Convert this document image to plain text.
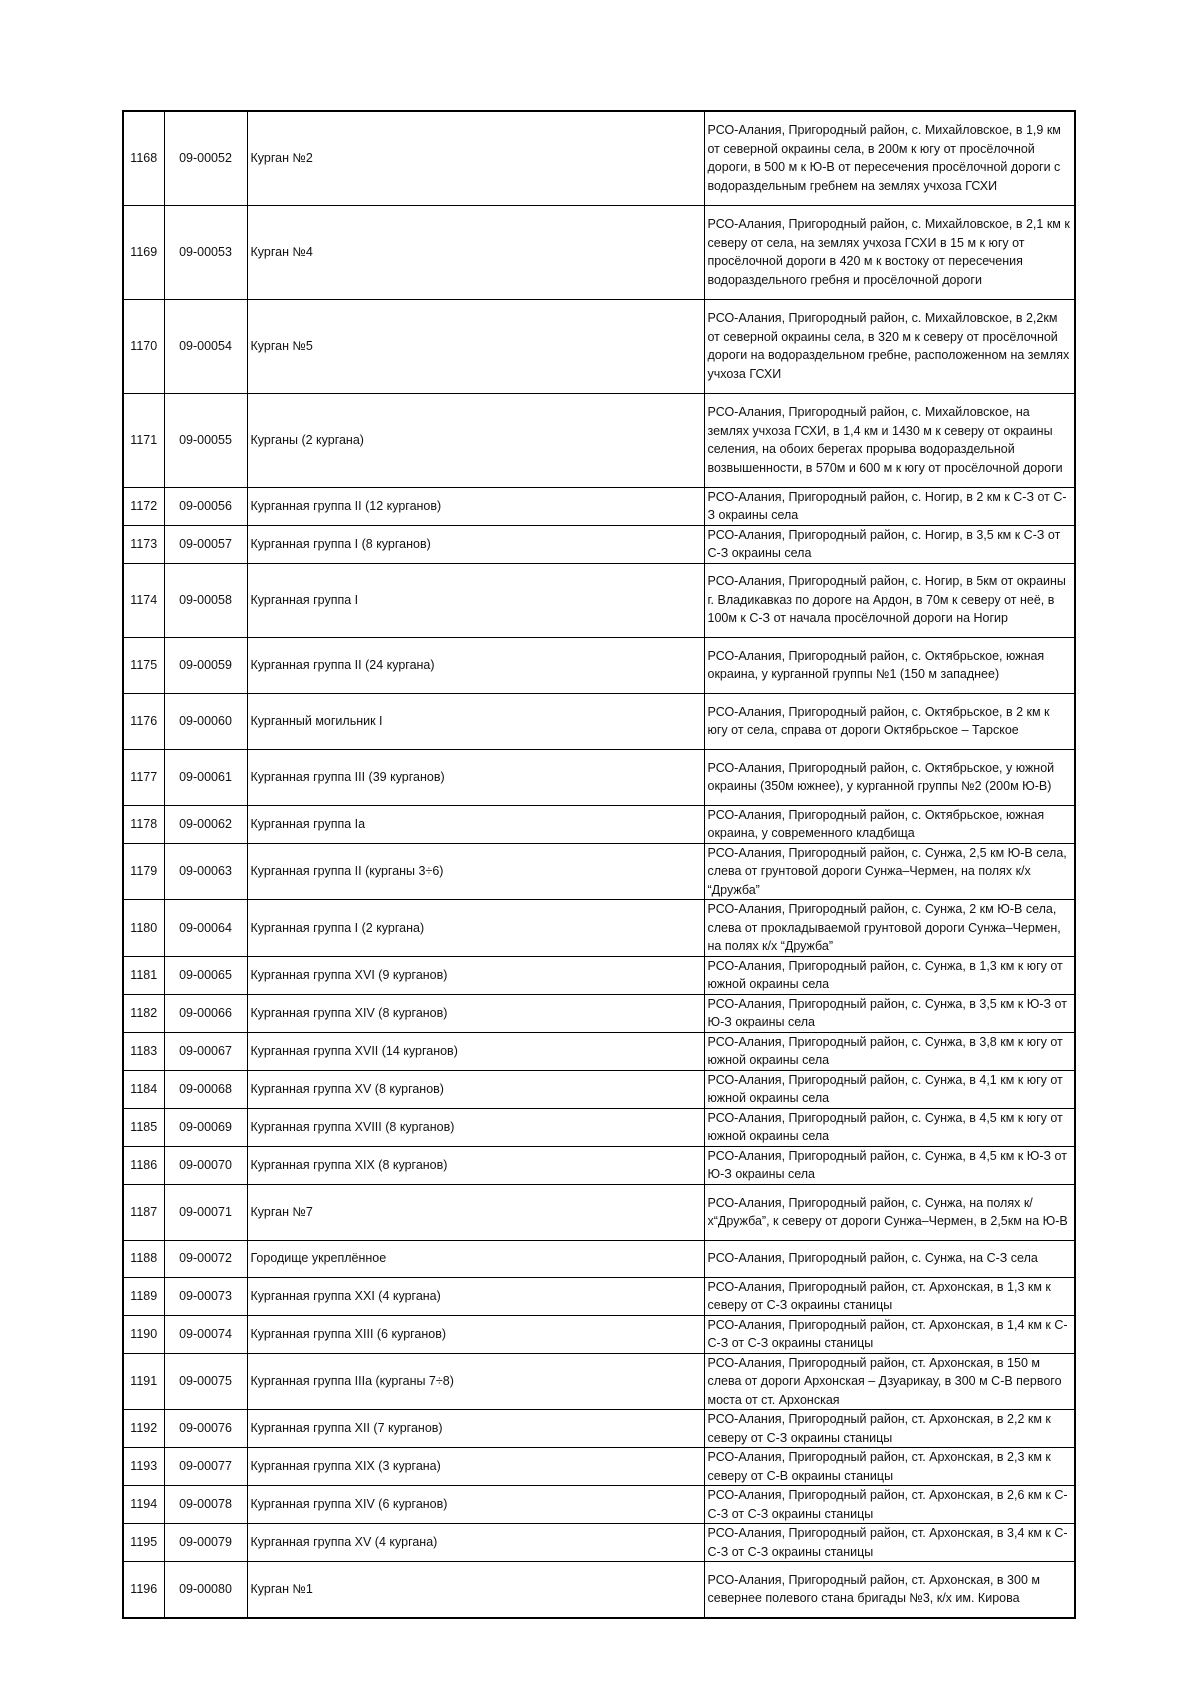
1168	09-00052	Курган №2	РСО-Алания, Пригородный район, с. Михайловское, в 1,9 км от северной окраины села, в 200м к югу от просёлочной дороги, в 500 м к Ю-В от пересечения просёлочной дороги с водораздельным гребнем на землях учхоза ГСХИ
1169	09-00053	Курган №4	РСО-Алания, Пригородный район, с. Михайловское, в 2,1 км к северу от села, на землях учхоза ГСХИ в 15 м к югу от просёлочной дороги в 420 м к востоку от пересечения водораздельного гребня и просёлочной дороги
1170	09-00054	Курган №5	РСО-Алания, Пригородный район, с. Михайловское, в 2,2км от северной окраины села, в 320 м к северу от просёлочной дороги на водораздельном гребне, расположенном на землях учхоза ГСХИ
1171	09-00055	Курганы (2 кургана)	РСО-Алания, Пригородный район, с. Михайловское, на землях учхоза ГСХИ, в 1,4 км и 1430 м к северу от окраины селения, на обоих берегах прорыва водораздельной возвышенности, в 570м и 600 м к югу от просёлочной дороги
1172	09-00056	Курганная группа II (12 курганов)	РСО-Алания, Пригородный район, с. Ногир, в 2 км к С-З от С-З окраины села
1173	09-00057	Курганная группа I (8 курганов)	РСО-Алания, Пригородный район, с. Ногир, в 3,5 км к С-З от С-З окраины села
1174	09-00058	Курганная группа I	РСО-Алания, Пригородный район, с. Ногир, в 5км от окраины г. Владикавказ по дороге на Ардон, в 70м к северу от неё, в 100м к С-З от начала просёлочной дороги на Ногир
1175	09-00059	Курганная группа II (24 кургана)	РСО-Алания, Пригородный район, с. Октябрьское, южная окраина, у курганной группы №1 (150 м западнее)
1176	09-00060	Курганный могильник I	РСО-Алания, Пригородный район, с. Октябрьское, в 2 км к югу от села, справа от дороги Октябрьское – Тарское
1177	09-00061	Курганная группа III (39 курганов)	РСО-Алания, Пригородный район, с. Октябрьское, у южной окраины (350м южнее), у курганной группы №2 (200м Ю-В)
1178	09-00062	Курганная группа Iа	РСО-Алания, Пригородный район, с. Октябрьское, южная окраина, у современного кладбища
1179	09-00063	Курганная группа II (курганы 3÷6)	РСО-Алания, Пригородный район, с. Сунжа, 2,5 км Ю-В села, слева от грунтовой дороги Сунжа–Чермен, на полях к/х “Дружба”
1180	09-00064	Курганная группа I (2 кургана)	РСО-Алания, Пригородный район, с. Сунжа, 2 км Ю-В села, слева от прокладываемой грунтовой дороги Сунжа–Чермен, на полях к/х “Дружба”
1181	09-00065	Курганная группа XVI (9 курганов)	РСО-Алания, Пригородный район, с. Сунжа, в 1,3 км к югу от южной окраины села
1182	09-00066	Курганная группа XIV (8 курганов)	РСО-Алания, Пригородный район, с. Сунжа, в 3,5 км к Ю-З от Ю-З окраины села
1183	09-00067	Курганная группа XVII (14 курганов)	РСО-Алания, Пригородный район, с. Сунжа, в 3,8 км к югу от южной окраины села
1184	09-00068	Курганная группа XV (8 курганов)	РСО-Алания, Пригородный район, с. Сунжа, в 4,1 км к югу от южной окраины села
1185	09-00069	Курганная группа XVIII (8 курганов)	РСО-Алания, Пригородный район, с. Сунжа, в 4,5 км к югу от южной окраины села
1186	09-00070	Курганная группа XIX (8 курганов)	РСО-Алания, Пригородный район, с. Сунжа, в 4,5 км к Ю-З от Ю-З окраины села
1187	09-00071	Курган №7	РСО-Алания, Пригородный район, с. Сунжа, на полях к/х“Дружба”, к северу от дороги Сунжа–Чермен, в 2,5км на Ю-В
1188	09-00072	Городище укреплённое	РСО-Алания, Пригородный район, с. Сунжа, на С-З села
1189	09-00073	Курганная группа XXI (4 кургана)	РСО-Алания, Пригородный район, ст. Архонская, в 1,3 км к северу от С-З окраины станицы
1190	09-00074	Курганная группа XIII (6 курганов)	РСО-Алания, Пригородный район, ст. Архонская, в 1,4 км к С-С-З от С-З окраины станицы
1191	09-00075	Курганная группа IIIа (курганы 7÷8)	РСО-Алания, Пригородный район, ст. Архонская, в 150 м слева от дороги Архонская – Дзуарикау, в 300 м С-В первого моста от ст. Архонская
1192	09-00076	Курганная группа XII (7 курганов)	РСО-Алания, Пригородный район, ст. Архонская, в 2,2 км к северу от С-З окраины станицы
1193	09-00077	Курганная группа XIX (3 кургана)	РСО-Алания, Пригородный район, ст. Архонская, в 2,3 км к северу от С-В окраины станицы
1194	09-00078	Курганная группа XIV (6 курганов)	РСО-Алания, Пригородный район, ст. Архонская, в 2,6 км к С-С-З от С-З окраины станицы
1195	09-00079	Курганная группа XV (4 кургана)	РСО-Алания, Пригородный район, ст. Архонская, в 3,4 км к С-С-З от С-З окраины станицы
1196	09-00080	Курган №1	РСО-Алания, Пригородный район, ст. Архонская, в 300 м севернее полевого стана бригады №3, к/х им. Кирова
